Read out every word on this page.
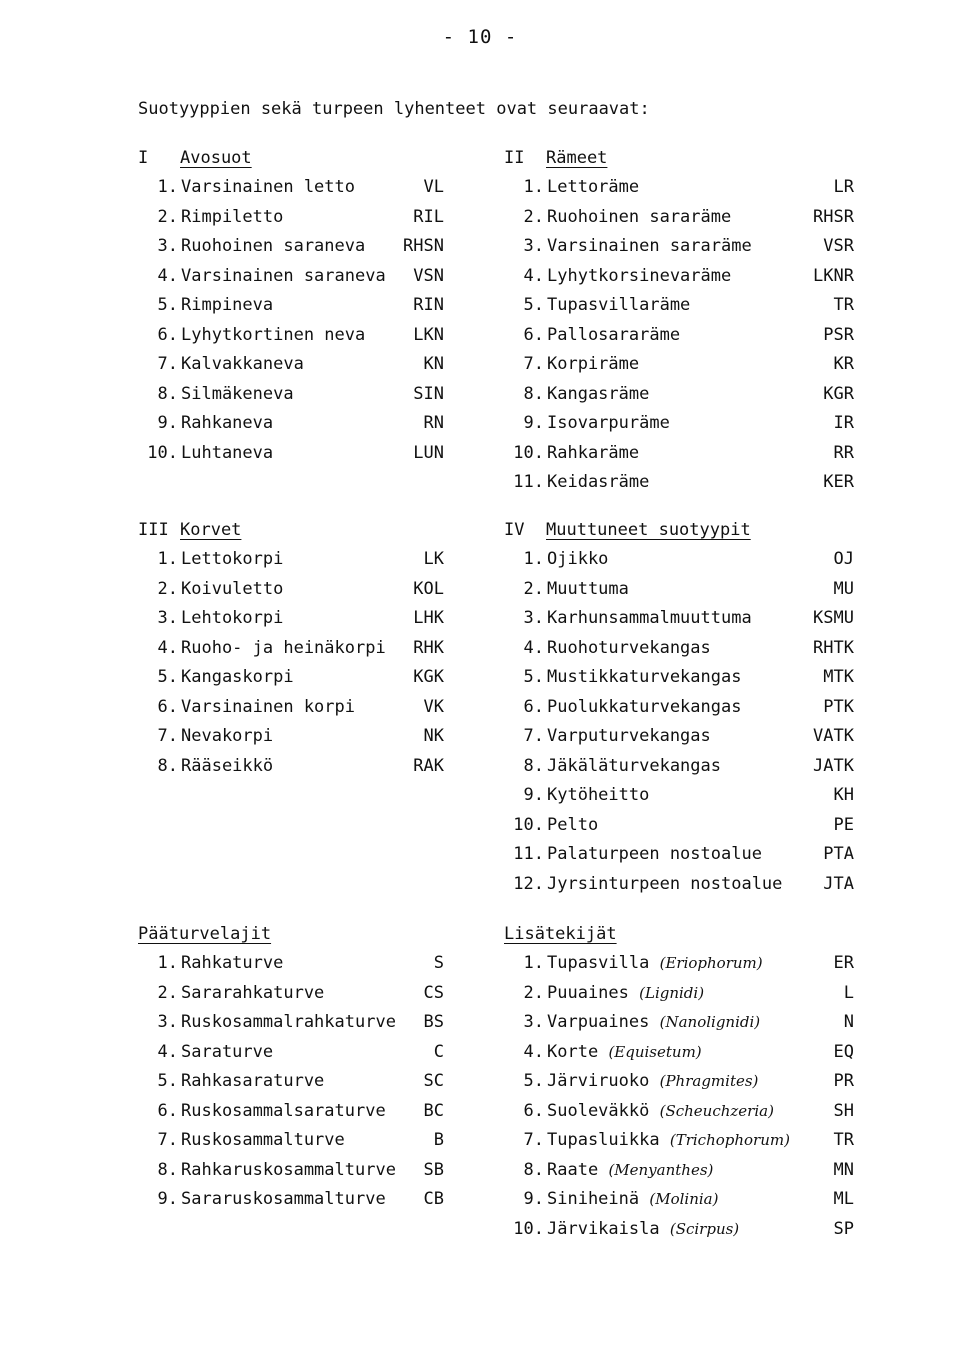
- 10 -
Suotyyppien sekä turpeen lyhenteet ovat seuraavat:
I Avosuot
1. Varsinainen letto	VL
2. Rimpiletto	RIL
3. Ruohoinen saraneva	RHSN
4. Varsinainen saraneva	VSN
5. Rimpineva	RIN
6. Lyhytkortinen neva	LKN
7. Kalvakkaneva	KN
8. Silmäkeneva	SIN
9. Rahkaneva	RN
10. Luhtaneva	LUN
II Rämeet
1. Lettoräme	LR
2. Ruohoinen sararäme	RHSR
3. Varsinainen sararäme	VSR
4. Lyhytkorsinevaräme	LKNR
5. Tupasvillaräme	TR
6. Pallosararäme	PSR
7. Korpiräme	KR
8. Kangasräme	KGR
9. Isovarpuräme	IR
10. Rahkaräme	RR
11. Keidasräme	KER
III Korvet
1. Lettokorpi	LK
2. Koivuletto	KOL
3. Lehtokorpi	LHK
4. Ruoho- ja heinäkorpi	RHK
5. Kangaskorpi	KGK
6. Varsinainen korpi	VK
7. Nevakorpi	NK
8. Rääseikkö	RAK
IV Muuttuneet suotyypit
1. Ojikko	OJ
2. Muuttuma	MU
3. Karhunsammalmuuttuma	KSMU
4. Ruohoturvekangas	RHTK
5. Mustikkaturvekangas	MTK
6. Puolukkaturvekangas	PTK
7. Varputurvekangas	VATK
8. Jäkäläturvekangas	JATK
9. Kytöheitto	KH
10. Pelto	PE
11. Palaturpeen nostoalue	PTA
12. Jyrsinturpeen nostoalue	JTA
Pääturvelajit
1. Rahkaturve	S
2. Sararahkaturve	CS
3. Ruskosammalrahkaturve	BS
4. Saraturve	C
5. Rahkasaraturve	SC
6. Ruskosammalsaraturve	BC
7. Ruskosammalturve	B
8. Rahkaruskosammalturve	SB
9. Sararuskosammalturve	CB
Lisätekijät
1. Tupasvilla (Eriophorum)	ER
2. Puuaines (Lignidi)	L
3. Varpuaines (Nanolignidi)	N
4. Korte (Equisetum)	EQ
5. Järviruoko (Phragmites)	PR
6. Suoleväkkö (Scheuchzeria)	SH
7. Tupasluikka (Trichophorum)	TR
8. Raate (Menyanthes)	MN
9. Siniheinä (Molinia)	ML
10. Järvikaisla (Scirpus)	SP
